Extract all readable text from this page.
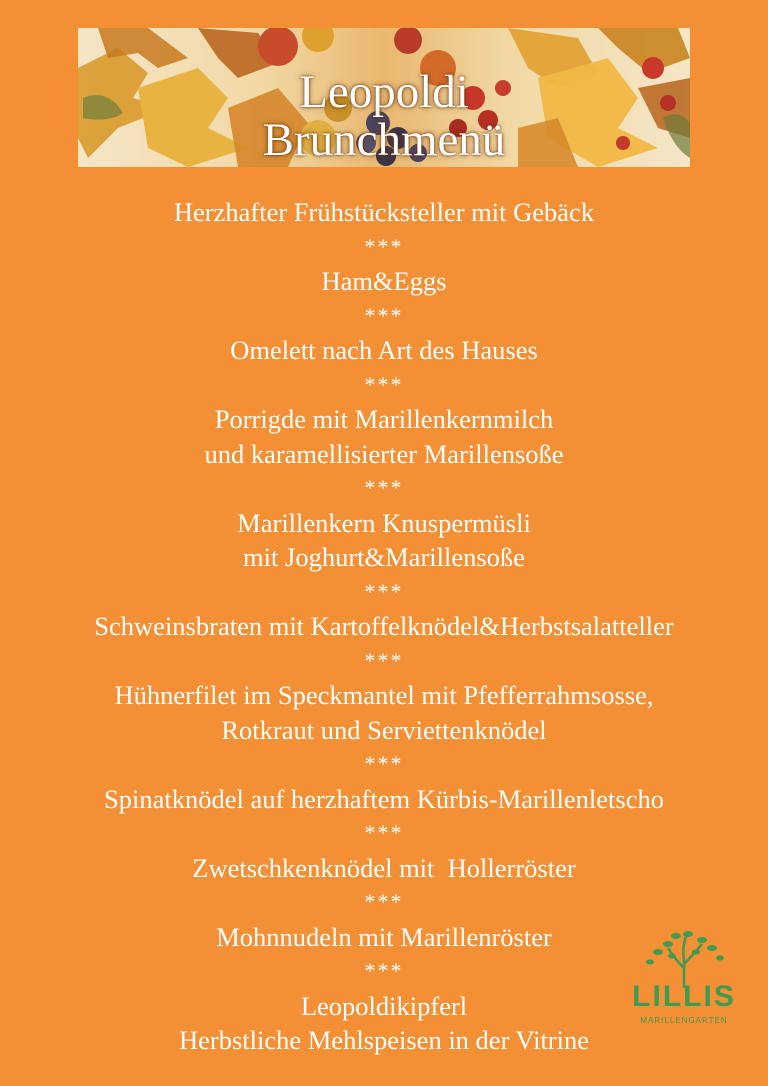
Leopoldi
Brunchmenü
Herzhafter Frühstücksteller mit Gebäck
***
Ham&Eggs
***
Omelett nach Art des Hauses
***
Porrigde mit Marillenkernmilch
und karamellisierter Marillensoße
***
Marillenkern Knuspermüsli
mit Joghurt&Marillensoße
***
Schweinsbraten mit Kartoffelknödel&Herbstsalatteller
***
Hühnerfilet im Speckmantel mit Pfefferrahmsosse,
Rotkraut und Serviettenknödel
***
Spinatknödel auf herzhaftem Kürbis-Marillenletscho
***
Zwetschkenknödel mit  Hollerröster
***
Mohnnudeln mit Marillenröster
***
Leopoldikipferl
Herbstliche Mehlspeisen in der Vitrine
LILLIS
MARILLENGARTEN
